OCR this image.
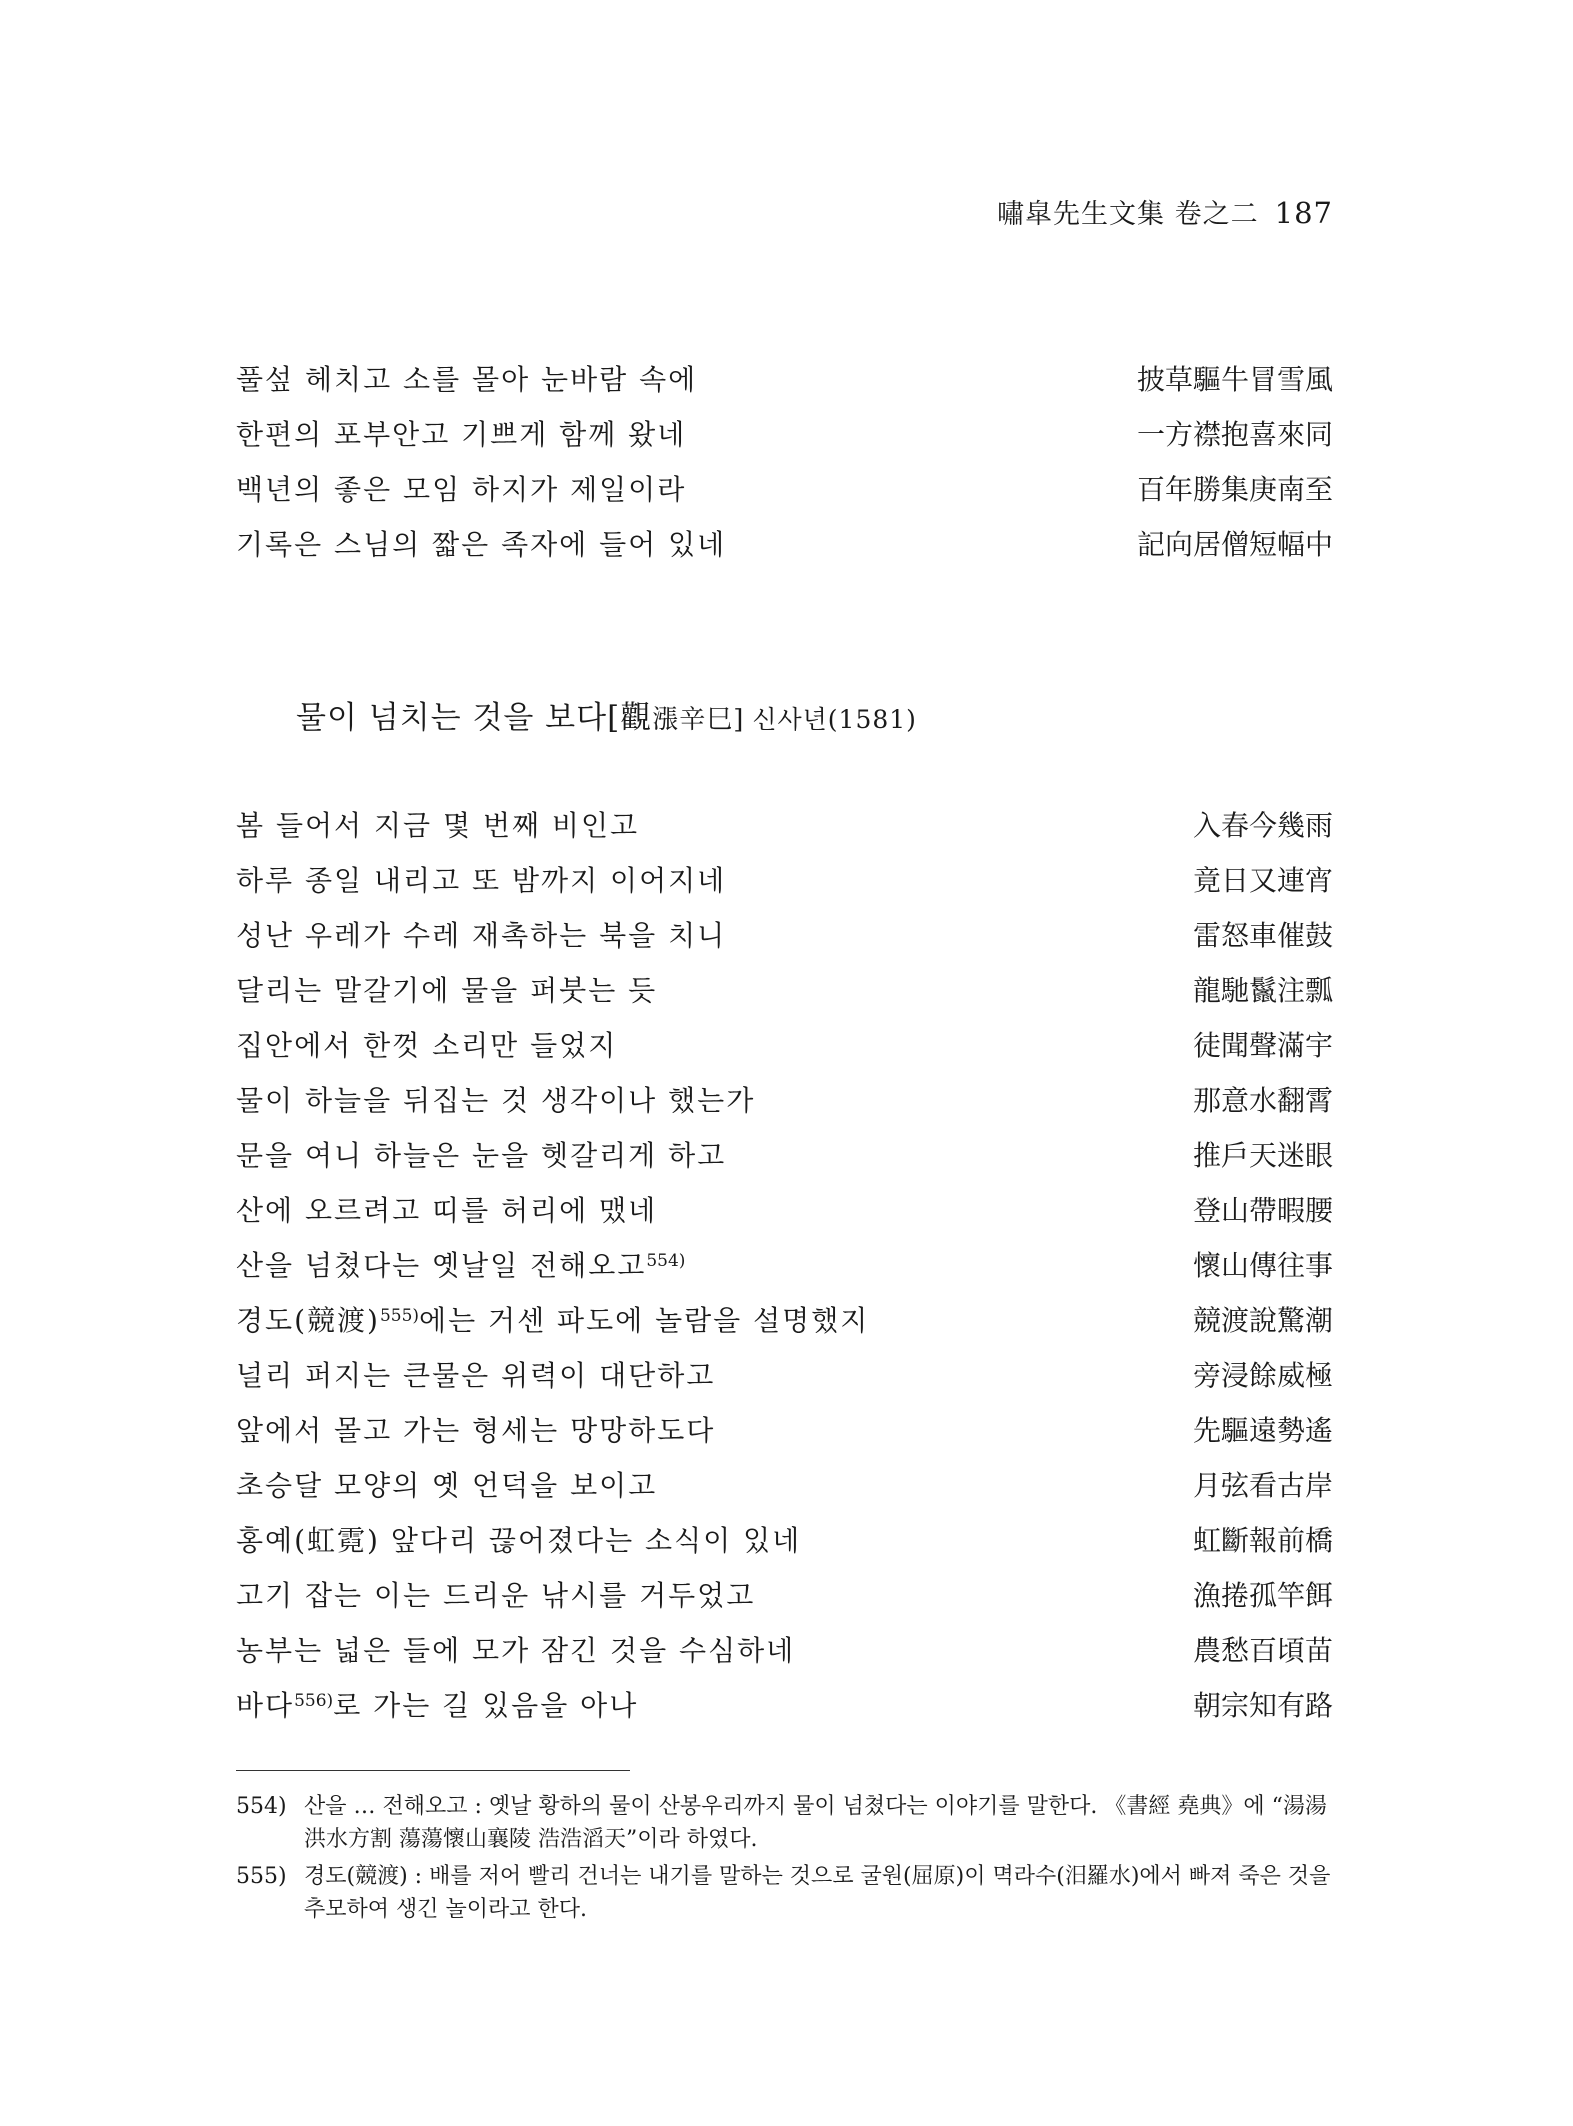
嘯皐先生文集 卷之二 187
풀섶 헤치고 소를 몰아 눈바람 속에	披草驅牛冒雪風
한편의 포부안고 기쁘게 함께 왔네	一方襟抱喜來同
백년의 좋은 모임 하지가 제일이라	百年勝集庚南至
기록은 스님의 짧은 족자에 들어 있네	記向居僧短幅中
물이 넘치는 것을 보다[觀漲辛巳] 신사년(1581)
봄 들어서 지금 몇 번째 비인고	入春今幾雨
하루 종일 내리고 또 밤까지 이어지네	竟日又連宵
성난 우레가 수레 재촉하는 북을 치니	雷怒車催鼓
달리는 말갈기에 물을 퍼붓는 듯	龍馳鬣注瓢
집안에서 한껏 소리만 들었지	徒聞聲滿宇
물이 하늘을 뒤집는 것 생각이나 했는가	那意水翻霄
문을 여니 하늘은 눈을 헷갈리게 하고	推戶天迷眼
산에 오르려고 띠를 허리에 맸네	登山帶暇腰
산을 넘쳤다는 옛날일 전해오고$^{554)}$	懷山傳往事
경도(競渡)$^{555)}$에는 거센 파도에 놀람을 설명했지	競渡說驚潮
널리 퍼지는 큰물은 위력이 대단하고	旁浸餘威極
앞에서 몰고 가는 형세는 망망하도다	先驅遠勢遙
초승달 모양의 옛 언덕을 보이고	月弦看古岸
홍예(虹霓) 앞다리 끊어졌다는 소식이 있네	虹斷報前橋
고기 잡는 이는 드리운 낚시를 거두었고	漁捲孤竿餌
농부는 넓은 들에 모가 잠긴 것을 수심하네	農愁百頃苗
바다$^{556)}$로 가는 길 있음을 아나	朝宗知有路
554) 산을 … 전해오고 : 옛날 황하의 물이 산봉우리까지 물이 넘쳤다는 이야기를 말한다. 《書經 堯典》에 “湯湯洪水方割 蕩蕩懷山襄陵 浩浩滔天”이라 하였다.
555) 경도(競渡) : 배를 저어 빨리 건너는 내기를 말하는 것으로 굴원(屈原)이 멱라수(汨羅水)에서 빠져 죽은 것을 추모하여 생긴 놀이라고 한다.
